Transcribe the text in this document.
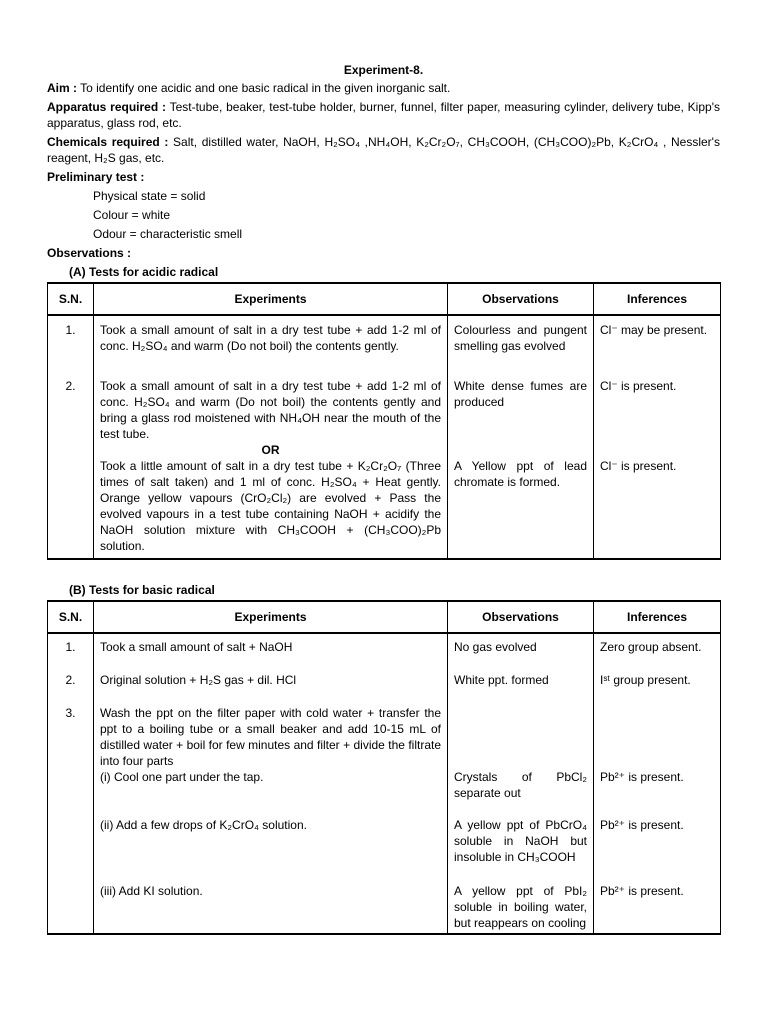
Experiment-8.

Aim : To identify one acidic and one basic radical in the given inorganic salt.

Apparatus required : Test-tube, beaker, test-tube holder, burner, funnel, filter paper, measuring cylinder, delivery tube, Kipp's apparatus, glass rod, etc.

Chemicals required : Salt, distilled water, NaOH, H₂SO₄ ,NH₄OH, K₂Cr₂O₇, CH₃COOH, (CH₃COO)₂Pb, K₂CrO₄ , Nessler's reagent, H₂S gas, etc.

Preliminary test :

Physical state = solid

Colour = white

Odour = characteristic smell

Observations :

(A) Tests for acidic radical

S.N.	Experiments	Observations	Inferences
1.	Took a small amount of salt in a dry test tube + add 1-2 ml of conc. H₂SO₄ and warm (Do not boil) the contents gently.	Colourless and pungent smelling gas evolved	Cl⁻ may be present.
2.	Took a small amount of salt in a dry test tube + add 1-2 ml of conc. H₂SO₄ and warm (Do not boil) the contents gently and bring a glass rod moistened with NH₄OH near the mouth of the test tube.	White dense fumes are produced	Cl⁻ is present.
	OR		
	Took a little amount of salt in a dry test tube + K₂Cr₂O₇ (Three times of salt taken) and 1 ml of conc. H₂SO₄ + Heat gently. Orange yellow vapours (CrO₂Cl₂) are evolved + Pass the evolved vapours in a test tube containing NaOH + acidify the NaOH solution mixture with CH₃COOH + (CH₃COO)₂Pb solution.	A Yellow ppt of lead chromate is formed.	Cl⁻ is present.

(B) Tests for basic radical

S.N.	Experiments	Observations	Inferences
1.	Took a small amount of salt + NaOH	No gas evolved	Zero group absent.
2.	Original solution + H₂S gas + dil. HCl	White ppt. formed	Iˢᵗ group present.
3.	Wash the ppt on the filter paper with cold water + transfer the ppt to a boiling tube or a small beaker and add 10-15 mL of distilled water + boil for few minutes and filter + divide the filtrate into four parts		
	(i) Cool one part under the tap.	Crystals of PbCl₂ separate out	Pb²⁺ is present.
	(ii) Add a few drops of K₂CrO₄ solution.	A yellow ppt of PbCrO₄ soluble in NaOH but insoluble in CH₃COOH	Pb²⁺ is present.
	(iii) Add KI solution.	A yellow ppt of PbI₂ soluble in boiling water, but reappears on cooling	Pb²⁺ is present.
